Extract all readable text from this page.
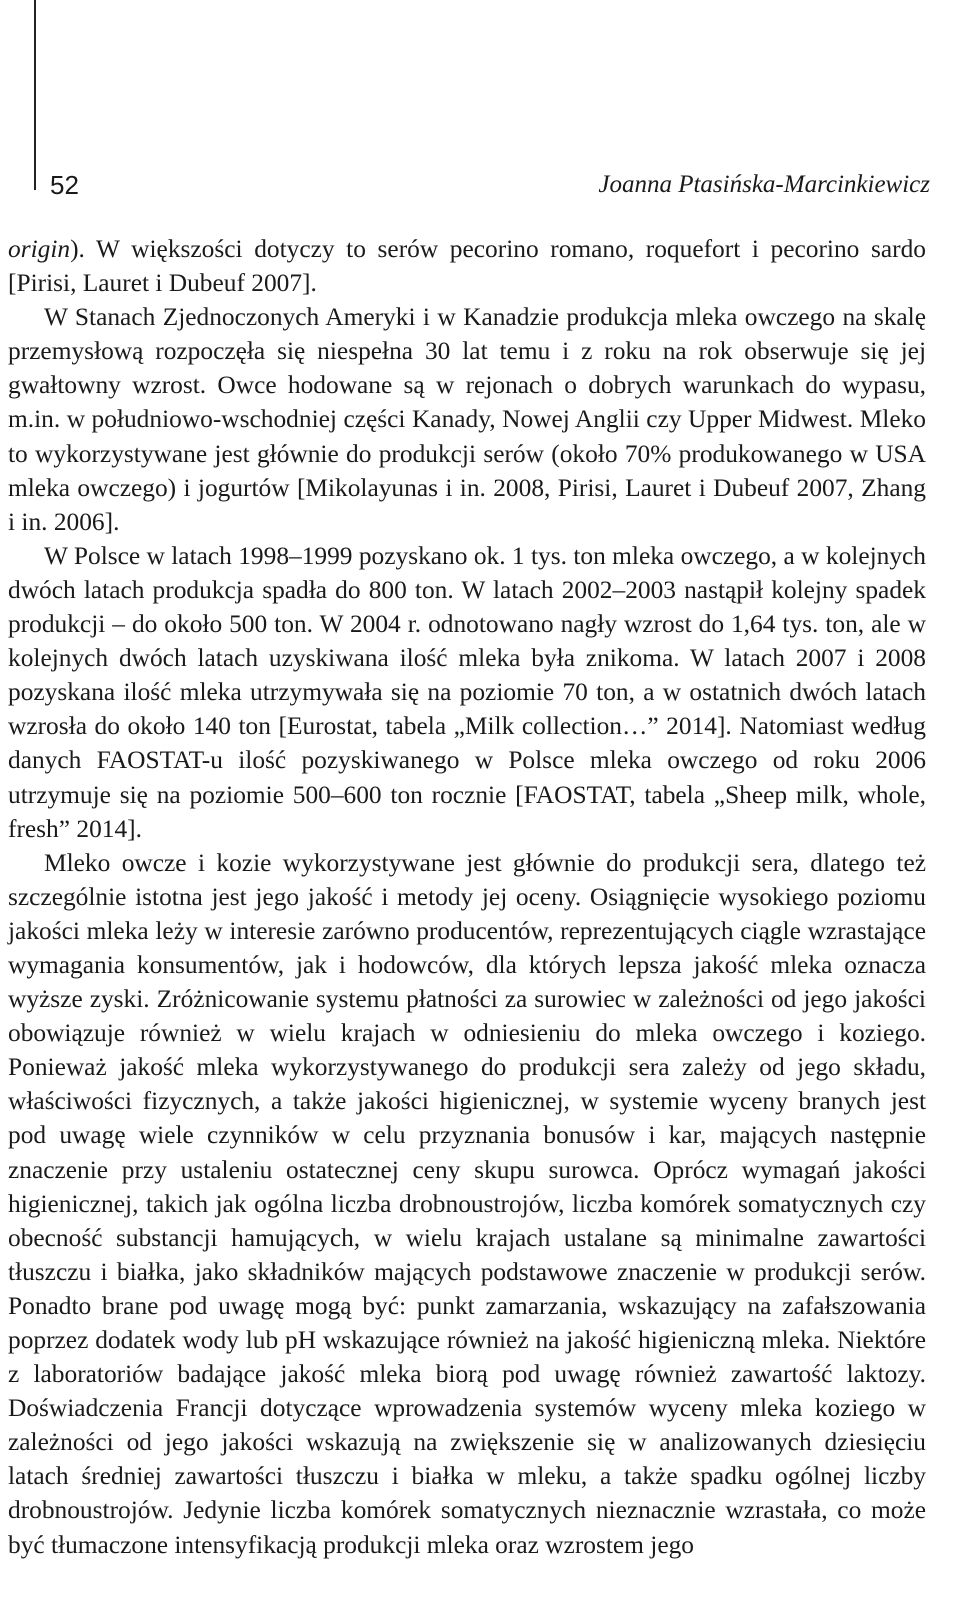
52	Joanna Ptasińska-Marcinkiewicz

origin). W większości dotyczy to serów pecorino romano, roquefort i pecorino sardo [Pirisi, Lauret i Dubeuf 2007].

W Stanach Zjednoczonych Ameryki i w Kanadzie produkcja mleka owczego na skalę przemysłową rozpoczęła się niespełna 30 lat temu i z roku na rok obserwuje się jej gwałtowny wzrost. Owce hodowane są w rejonach o dobrych warunkach do wypasu, m.in. w południowo-wschodniej części Kanady, Nowej Anglii czy Upper Midwest. Mleko to wykorzystywane jest głównie do produkcji serów (około 70% produkowanego w USA mleka owczego) i jogurtów [Mikolayunas i in. 2008, Pirisi, Lauret i Dubeuf 2007, Zhang i in. 2006].

W Polsce w latach 1998–1999 pozyskano ok. 1 tys. ton mleka owczego, a w kolejnych dwóch latach produkcja spadła do 800 ton. W latach 2002–2003 nastąpił kolejny spadek produkcji – do około 500 ton. W 2004 r. odnotowano nagły wzrost do 1,64 tys. ton, ale w kolejnych dwóch latach uzyskiwana ilość mleka była znikoma. W latach 2007 i 2008 pozyskana ilość mleka utrzymywała się na poziomie 70 ton, a w ostatnich dwóch latach wzrosła do około 140 ton [Eurostat, tabela „Milk collection…” 2014]. Natomiast według danych FAOSTAT-u ilość pozyskiwanego w Polsce mleka owczego od roku 2006 utrzymuje się na poziomie 500–600 ton rocznie [FAOSTAT, tabela „Sheep milk, whole, fresh” 2014].

Mleko owcze i kozie wykorzystywane jest głównie do produkcji sera, dlatego też szczególnie istotna jest jego jakość i metody jej oceny. Osiągnięcie wysokiego poziomu jakości mleka leży w interesie zarówno producentów, reprezentujących ciągle wzrastające wymagania konsumentów, jak i hodowców, dla których lepsza jakość mleka oznacza wyższe zyski. Zróżnicowanie systemu płatności za surowiec w zależności od jego jakości obowiązuje również w wielu krajach w odniesieniu do mleka owczego i koziego. Ponieważ jakość mleka wykorzystywanego do produkcji sera zależy od jego składu, właściwości fizycznych, a także jakości higienicznej, w systemie wyceny branych jest pod uwagę wiele czynników w celu przyznania bonusów i kar, mających następnie znaczenie przy ustaleniu ostatecznej ceny skupu surowca. Oprócz wymagań jakości higienicznej, takich jak ogólna liczba drobnoustrojów, liczba komórek somatycznych czy obecność substancji hamujących, w wielu krajach ustalane są minimalne zawartości tłuszczu i białka, jako składników mających podstawowe znaczenie w produkcji serów. Ponadto brane pod uwagę mogą być: punkt zamarzania, wskazujący na zafałszowania poprzez dodatek wody lub pH wskazujące również na jakość higieniczną mleka. Niektóre z laboratoriów badające jakość mleka biorą pod uwagę również zawartość laktozy. Doświadczenia Francji dotyczące wprowadzenia systemów wyceny mleka koziego w zależności od jego jakości wskazują na zwiększenie się w analizowanych dziesięciu latach średniej zawartości tłuszczu i białka w mleku, a także spadku ogólnej liczby drobnoustrojów. Jedynie liczba komórek somatycznych nieznacznie wzrastała, co może być tłumaczone intensyfikacją produkcji mleka oraz wzrostem jego
